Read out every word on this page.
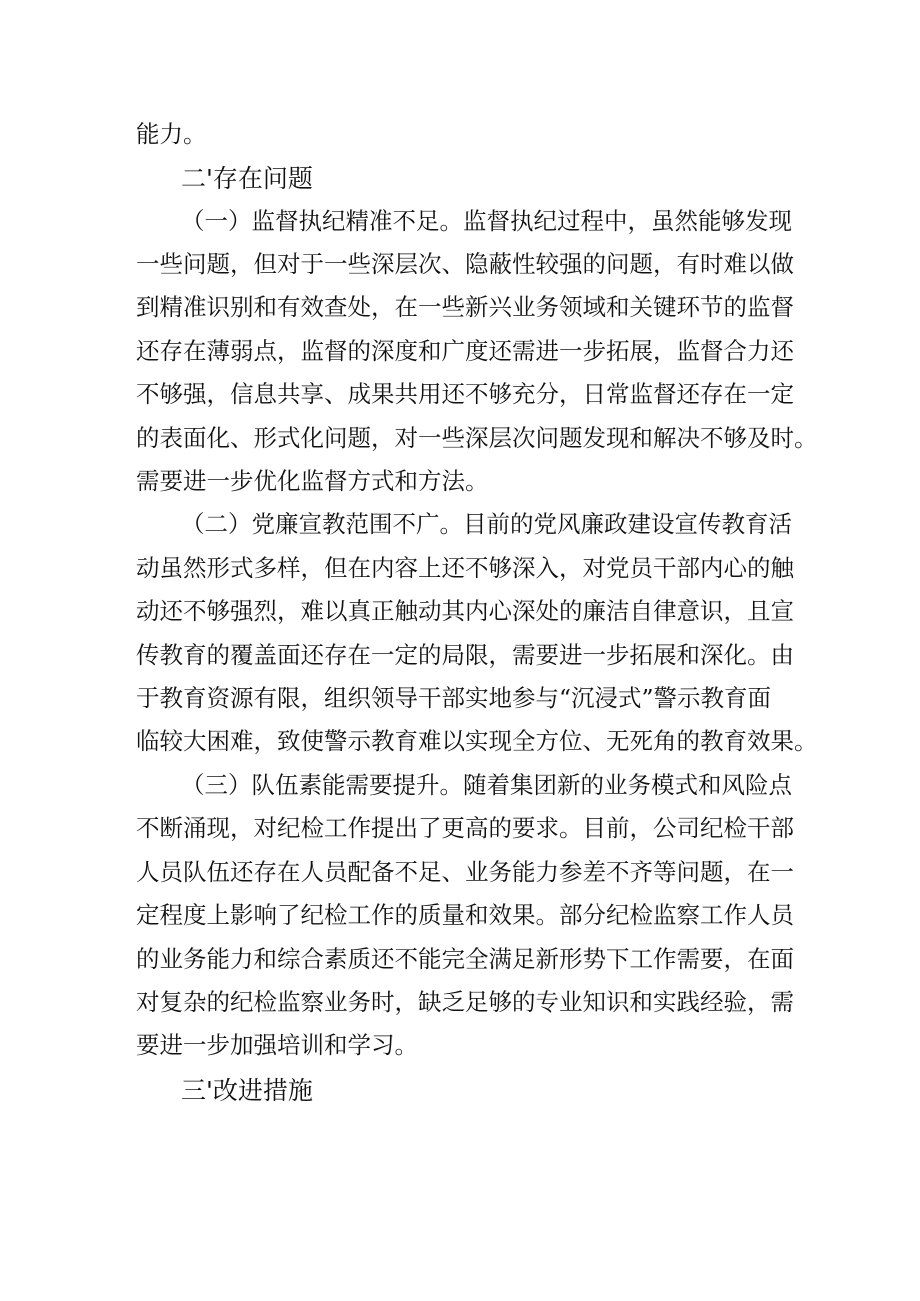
能力。
二'存在问题
（一）监督执纪精准不足。监督执纪过程中，虽然能够发现
一些问题，但对于一些深层次、隐蔽性较强的问题，有时难以做
到精准识别和有效查处，在一些新兴业务领域和关键环节的监督
还存在薄弱点，监督的深度和广度还需进一步拓展，监督合力还
不够强，信息共享、成果共用还不够充分，日常监督还存在一定
的表面化、形式化问题，对一些深层次问题发现和解决不够及时。
需要进一步优化监督方式和方法。
（二）党廉宣教范围不广。目前的党风廉政建设宣传教育活
动虽然形式多样，但在内容上还不够深入，对党员干部内心的触
动还不够强烈，难以真正触动其内心深处的廉洁自律意识，且宣
传教育的覆盖面还存在一定的局限，需要进一步拓展和深化。由
于教育资源有限，组织领导干部实地参与“沉浸式”警示教育面
临较大困难，致使警示教育难以实现全方位、无死角的教育效果。
（三）队伍素能需要提升。随着集团新的业务模式和风险点
不断涌现，对纪检工作提出了更高的要求。目前，公司纪检干部
人员队伍还存在人员配备不足、业务能力参差不齐等问题，在一
定程度上影响了纪检工作的质量和效果。部分纪检监察工作人员
的业务能力和综合素质还不能完全满足新形势下工作需要，在面
对复杂的纪检监察业务时，缺乏足够的专业知识和实践经验，需
要进一步加强培训和学习。
三'改进措施
